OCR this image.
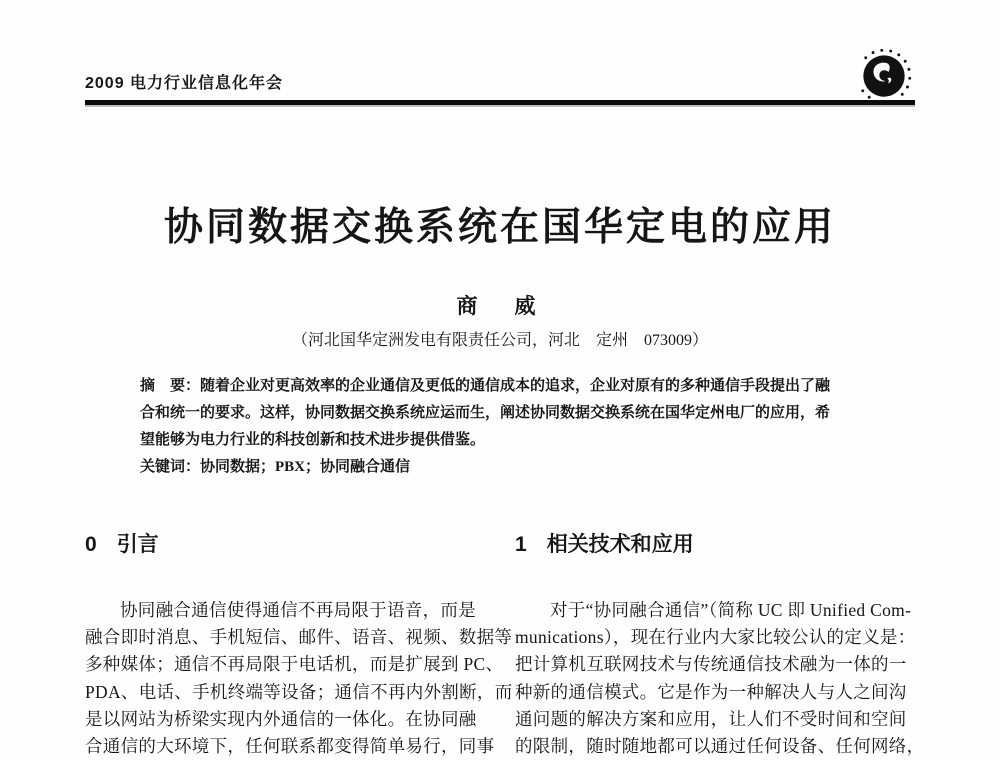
2009 电力行业信息化年会
协同数据交换系统在国华定电的应用
商　威
（河北国华定洲发电有限责任公司，河北　定州　073009）
摘　要：随着企业对更高效率的企业通信及更低的通信成本的追求，企业对原有的多种通信手段提出了融
合和统一的要求。这样，协同数据交换系统应运而生，阐述协同数据交换系统在国华定州电厂的应用，希
望能够为电力行业的科技创新和技术进步提供借鉴。
关键词：协同数据；PBX；协同融合通信
0 引言
协同融合通信使得通信不再局限于语音，而是
融合即时消息、手机短信、邮件、语音、视频、数据等
多种媒体；通信不再局限于电话机，而是扩展到 PC、
PDA、电话、手机终端等设备；通信不再内外割断，而
是以网站为桥梁实现内外通信的一体化。在协同融
合通信的大环境下，任何联系都变得简单易行，同事
1 相关技术和应用
对于“协同融合通信”（简称 UC 即 Unified Com-
munications），现在行业内大家比较公认的定义是：
把计算机互联网技术与传统通信技术融为一体的一
种新的通信模式。它是作为一种解决人与人之间沟
通问题的解决方案和应用，让人们不受时间和空间
的限制，随时随地都可以通过任何设备、任何网络，
